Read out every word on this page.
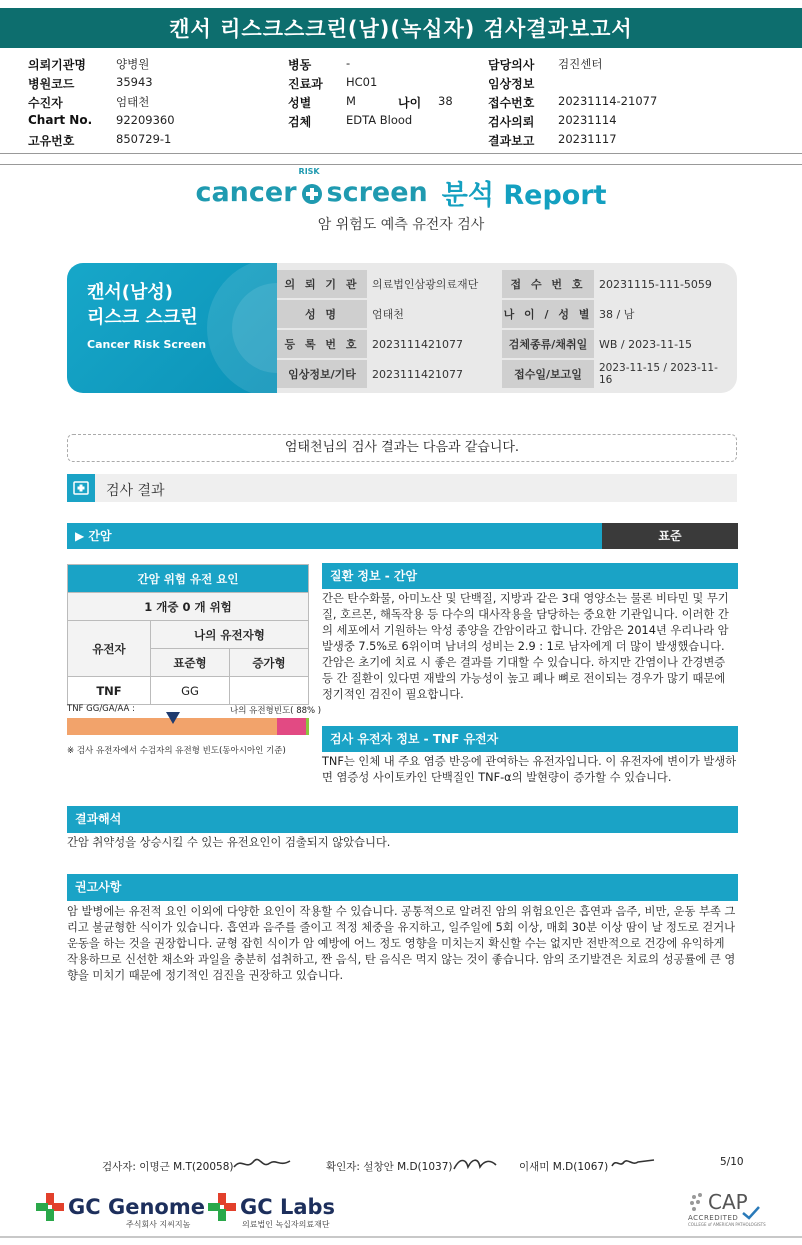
캔서 리스크스크린(남)(녹십자) 검사결과보고서
의뢰기관명	양병원
병원코드	35943
수진자	엄태천
Chart No.	92209360
고유번호	850729-1
병동	-
진료과	HC01
성별	M	나이	38
검체	EDTA Blood
담당의사	검진센터
임상정보
접수번호	20231114-21077
검사의뢰	20231114
결과보고	20231117
cancer
RISK
screen 분석 Report
암 위험도 예측 유전자 검사
캔서(남성)
리스크 스크린
Cancer Risk Screen
의 뢰 기 관	의료법인삼광의료재단	접 수 번 호	20231115-111-5059
성 명	엄태천	나 이 / 성 별 38 / 남
등 록 번 호	2023111421077	검체종류/채취일	WB / 2023-11-15
임상정보/기타	2023111421077	접수일/보고일	2023-11-15 / 2023-11-16
엄태천님의 검사 결과는 다음과 같습니다.
검사 결과
▶ 간암	표준
간암 위험 유전 요인		
1 개중 0 개 위험		
유전자	나의 유전자형	
	표준형	증가형
TNF	GG	
TNF GG/GA/AA :	나의 유전형빈도( 88% )
※ 검사 유전자에서 수검자의 유전형 빈도(동아시아인 기준)
질환 정보 - 간암
간은 탄수화물, 아미노산 및 단백질, 지방과 같은 3대 영양소는 물론 비타민 및 무기질, 호르몬, 해독작용 등 다수의 대사작용을 담당하는 중요한 기관입니다. 이러한 간의 세포에서 기원하는 악성 종양을 간암이라고 합니다. 간암은 2014년 우리나라 암 발생중 7.5%로 6위이며 남녀의 성비는 2.9 : 1로 남자에게 더 많이 발생했습니다. 간암은 초기에 치료 시 좋은 결과를 기대할 수 있습니다. 하지만 간염이나 간경변증 등 간 질환이 있다면 재발의 가능성이 높고 폐나 뼈로 전이되는 경우가 많기 때문에 정기적인 검진이 필요합니다.
검사 유전자 정보 - TNF 유전자
TNF는 인체 내 주요 염증 반응에 관여하는 유전자입니다. 이 유전자에 변이가 발생하면 염증성 사이토카인 단백질인 TNF-α의 발현량이 증가할 수 있습니다.
결과해석
간암 취약성을 상승시킬 수 있는 유전요인이 검출되지 않았습니다.
권고사항
암 발병에는 유전적 요인 이외에 다양한 요인이 작용할 수 있습니다. 공통적으로 알려진 암의 위험요인은 흡연과 음주, 비만, 운동 부족 그리고 불균형한 식이가 있습니다. 흡연과 음주를 줄이고 적정 체중을 유지하고, 일주일에 5회 이상, 매회 30분 이상 땀이 날 정도로 걷거나 운동을 하는 것을 권장합니다. 균형 잡힌 식이가 암 예방에 어느 정도 영향을 미치는지 확신할 수는 없지만 전반적으로 건강에 유익하게 작용하므로 신선한 채소와 과일을 충분히 섭취하고, 짠 음식, 탄 음식은 먹지 않는 것이 좋습니다. 암의 조기발견은 치료의 성공률에 큰 영향을 미치기 때문에 정기적인 검진을 권장하고 있습니다.
검사자: 이명근 M.T(20058)	확인자: 설창안 M.D(1037)	이새미 M.D(1067)	5/10
GC Genome
주식회사 지씨지놈
GC Labs
의료법인 녹십자의료재단
CAP
ACCREDITED
COLLEGE of AMERICAN PATHOLOGISTS
